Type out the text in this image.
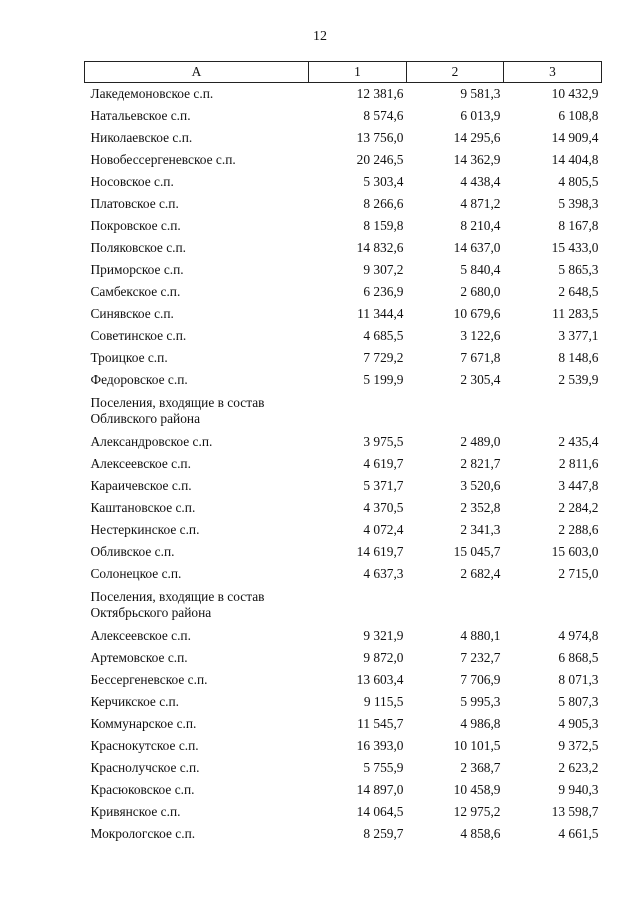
12
А	1	2	3
Лакедемоновское с.п.	12 381,6	9 581,3	10 432,9
Натальевское с.п.	8 574,6	6 013,9	6 108,8
Николаевское с.п.	13 756,0	14 295,6	14 909,4
Новобессергеневское с.п.	20 246,5	14 362,9	14 404,8
Носовское с.п.	5 303,4	4 438,4	4 805,5
Платовское с.п.	8 266,6	4 871,2	5 398,3
Покровское с.п.	8 159,8	8 210,4	8 167,8
Поляковское с.п.	14 832,6	14 637,0	15 433,0
Приморское с.п.	9 307,2	5 840,4	5 865,3
Самбекское с.п.	6 236,9	2 680,0	2 648,5
Синявское с.п.	11 344,4	10 679,6	11 283,5
Советинское с.п.	4 685,5	3 122,6	3 377,1
Троицкое с.п.	7 729,2	7 671,8	8 148,6
Федоровское с.п.	5 199,9	2 305,4	2 539,9

Поселения, входящие в состав
Обливского района			

Александровское с.п.	3 975,5	2 489,0	2 435,4
Алексеевское с.п.	4 619,7	2 821,7	2 811,6
Караичевское с.п.	5 371,7	3 520,6	3 447,8
Каштановское с.п.	4 370,5	2 352,8	2 284,2
Нестеркинское с.п.	4 072,4	2 341,3	2 288,6
Обливское с.п.	14 619,7	15 045,7	15 603,0
Солонецкое с.п.	4 637,3	2 682,4	2 715,0

Поселения, входящие в состав
Октябрьского района			

Алексеевское с.п.	9 321,9	4 880,1	4 974,8
Артемовское с.п.	9 872,0	7 232,7	6 868,5
Бессергеневское с.п.	13 603,4	7 706,9	8 071,3
Керчикское с.п.	9 115,5	5 995,3	5 807,3
Коммунарское с.п.	11 545,7	4 986,8	4 905,3
Краснокутское с.п.	16 393,0	10 101,5	9 372,5
Краснолучское с.п.	5 755,9	2 368,7	2 623,2
Красюковское с.п.	14 897,0	10 458,9	9 940,3
Кривянское с.п.	14 064,5	12 975,2	13 598,7
Мокрологское с.п.	8 259,7	4 858,6	4 661,5
